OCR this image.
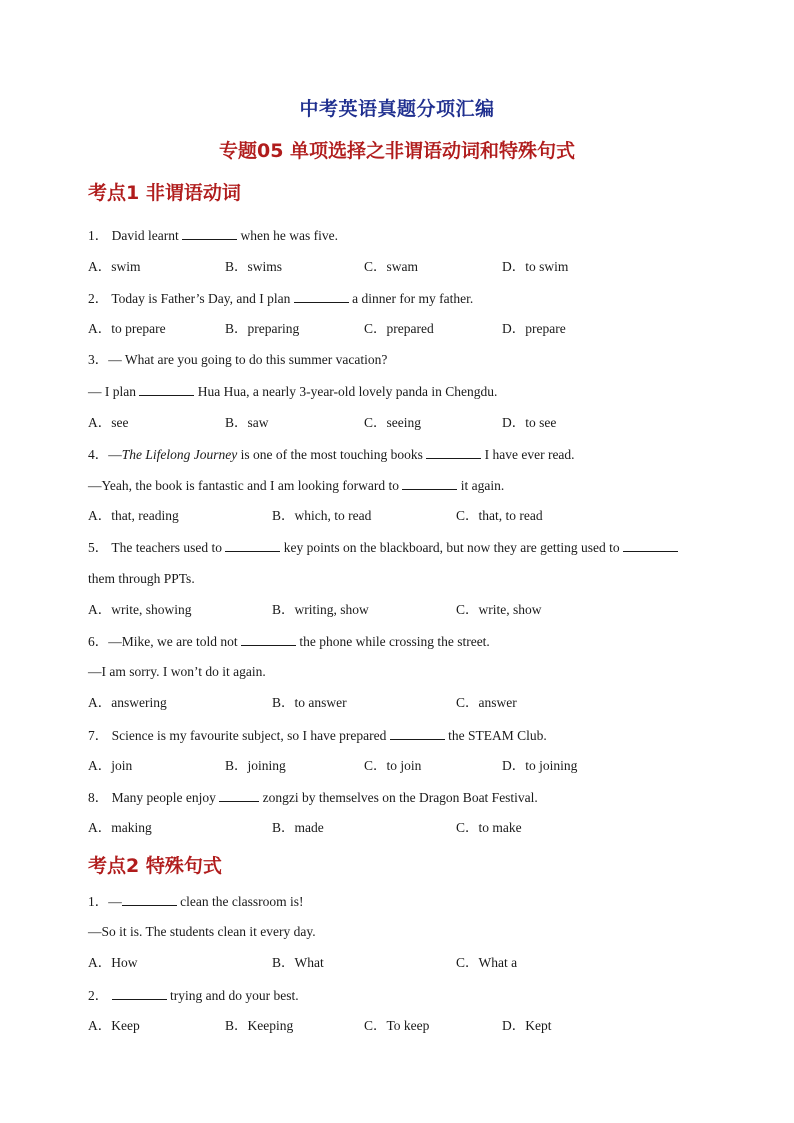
中考英语真题分项汇编
专题05 单项选择之非谓语动词和特殊句式
考点1 非谓语动词
1． David learnt	when he was five.
A．swim	B．swims	C．swam	D．to swim
2． Today is Father’s Day, and I plan	a dinner for my father.
A．to prepare	B．preparing	C．prepared	D．prepare
3．— What are you going to do this summer vacation?
— I plan	Hua Hua, a nearly 3-year-old lovely panda in Chengdu.
A．see	B．saw	C．seeing	D．to see
4．—The Lifelong Journey is one of the most touching books	I have ever read.
—Yeah, the book is fantastic and I am looking forward to	it again.
A．that, reading	B．which, to read	C．that, to read
5． The teachers used to	key points on the blackboard, but now they are getting used to
them through PPTs.
A．write, showing	B．writing, show	C．write, show
6．—Mike, we are told not	the phone while crossing the street.
—I am sorry. I won’t do it again.
A．answering	B．to answer	C．answer
7． Science is my favourite subject, so I have prepared	the STEAM Club.
A．join	B．joining	C．to join	D．to joining
8． Many people enjoy	zongzi by themselves on the Dragon Boat Festival.
A．making	B．made	C．to make
考点2 特殊句式
1．—	clean the classroom is!
—So it is. The students clean it every day.
A．How	B．What	C．What a
2．	trying and do your best.
A．Keep	B．Keeping	C．To keep	D．Kept
